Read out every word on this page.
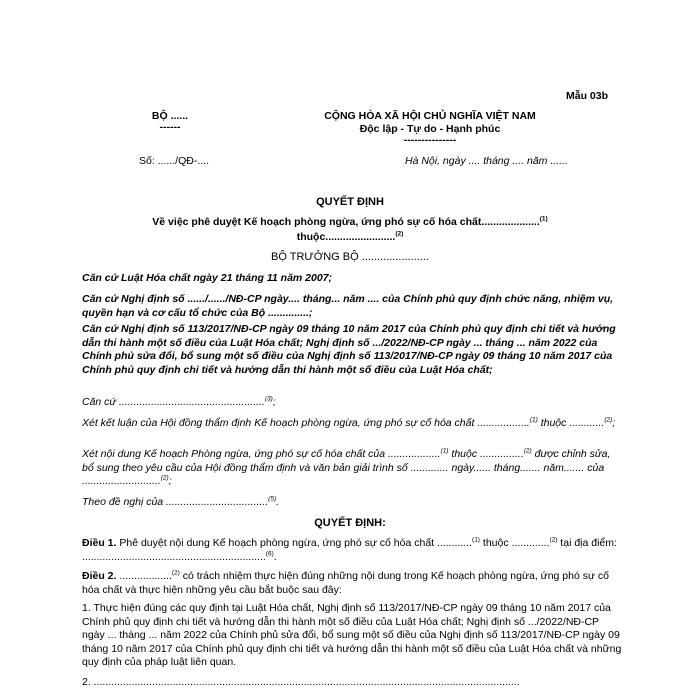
Mẫu 03b
BỘ ......
------
CỘNG HÒA XÃ HỘI CHỦ NGHĨA VIỆT NAM
Độc lập - Tự do - Hạnh phúc
---------------
Số: ....../QĐ-....	Hà Nội, ngày .... tháng .... năm ......
QUYẾT ĐỊNH
Về việc phê duyệt Kế hoạch phòng ngừa, ứng phó sự cố hóa chất....................$^{(1)}$
thuộc........................$^{(2)}$
BỘ TRƯỞNG BỘ ......................
Căn cứ Luật Hóa chất ngày 21 tháng 11 năm 2007;
Căn cứ Nghị định số ....../....../NĐ-CP ngày.... tháng... năm .... của Chính phủ quy định chức năng, nhiệm vụ, quyền hạn và cơ cấu tổ chức của Bộ ..............;
Căn cứ Nghị định số 113/2017/NĐ-CP ngày 09 tháng 10 năm 2017 của Chính phủ quy định chi tiết và hướng dẫn thi hành một số điều của Luật Hóa chất; Nghị định số .../2022/NĐ-CP ngày ... tháng ... năm 2022 của Chính phủ sửa đổi, bổ sung một số điều của Nghị định số 113/2017/NĐ-CP ngày 09 tháng 10 năm 2017 của Chính phủ quy định chi tiết và hướng dẫn thi hành một số điều của Luật Hóa chất;
Căn cứ ..................................................$^{(3)}$;
Xét kết luận của Hội đồng thẩm định Kế hoạch phòng ngừa, ứng phó sự cố hóa chất ..................$^{(1)}$ thuộc ............$^{(2)}$;
Xét nội dung Kế hoạch Phòng ngừa, ứng phó sự cố hóa chất của ..................$^{(1)}$ thuộc ...............$^{(2)}$ được chỉnh sửa, bổ sung theo yêu cầu của Hội đồng thẩm định và văn bản giải trình số ............. ngày...... tháng....... năm....... của ...........................$^{(2)}$;
Theo đề nghị của ...................................$^{(5)}$.
QUYẾT ĐỊNH:
Điều 1. Phê duyệt nội dung Kế hoạch phòng ngừa, ứng phó sự cố hóa chất ............$^{(1)}$ thuộc .............$^{(2)}$ tại địa điểm: ...............................................................$^{(6)}$.
Điều 2. ..................$^{(2)}$ có trách nhiệm thực hiện đúng những nội dung trong Kế hoạch phòng ngừa, ứng phó sự cố hóa chất và thực hiện những yêu cầu bắt buộc sau đây:
1. Thực hiện đúng các quy định tại Luật Hóa chất, Nghị định số 113/2017/NĐ-CP ngày 09 tháng 10 năm 2017 của Chính phủ quy định chi tiết và hướng dẫn thi hành một số điều của Luật Hóa chất; Nghị định số .../2022/NĐ-CP ngày ... tháng ... năm 2022 của Chính phủ sửa đổi, bổ sung một số điều của Nghị định số 113/2017/NĐ-CP ngày 09 tháng 10 năm 2017 của Chính phủ quy định chi tiết và hướng dẫn thi hành một số điều của Luật Hóa chất và những quy định của pháp luật liên quan.
2. ..................................................................................................................................................
